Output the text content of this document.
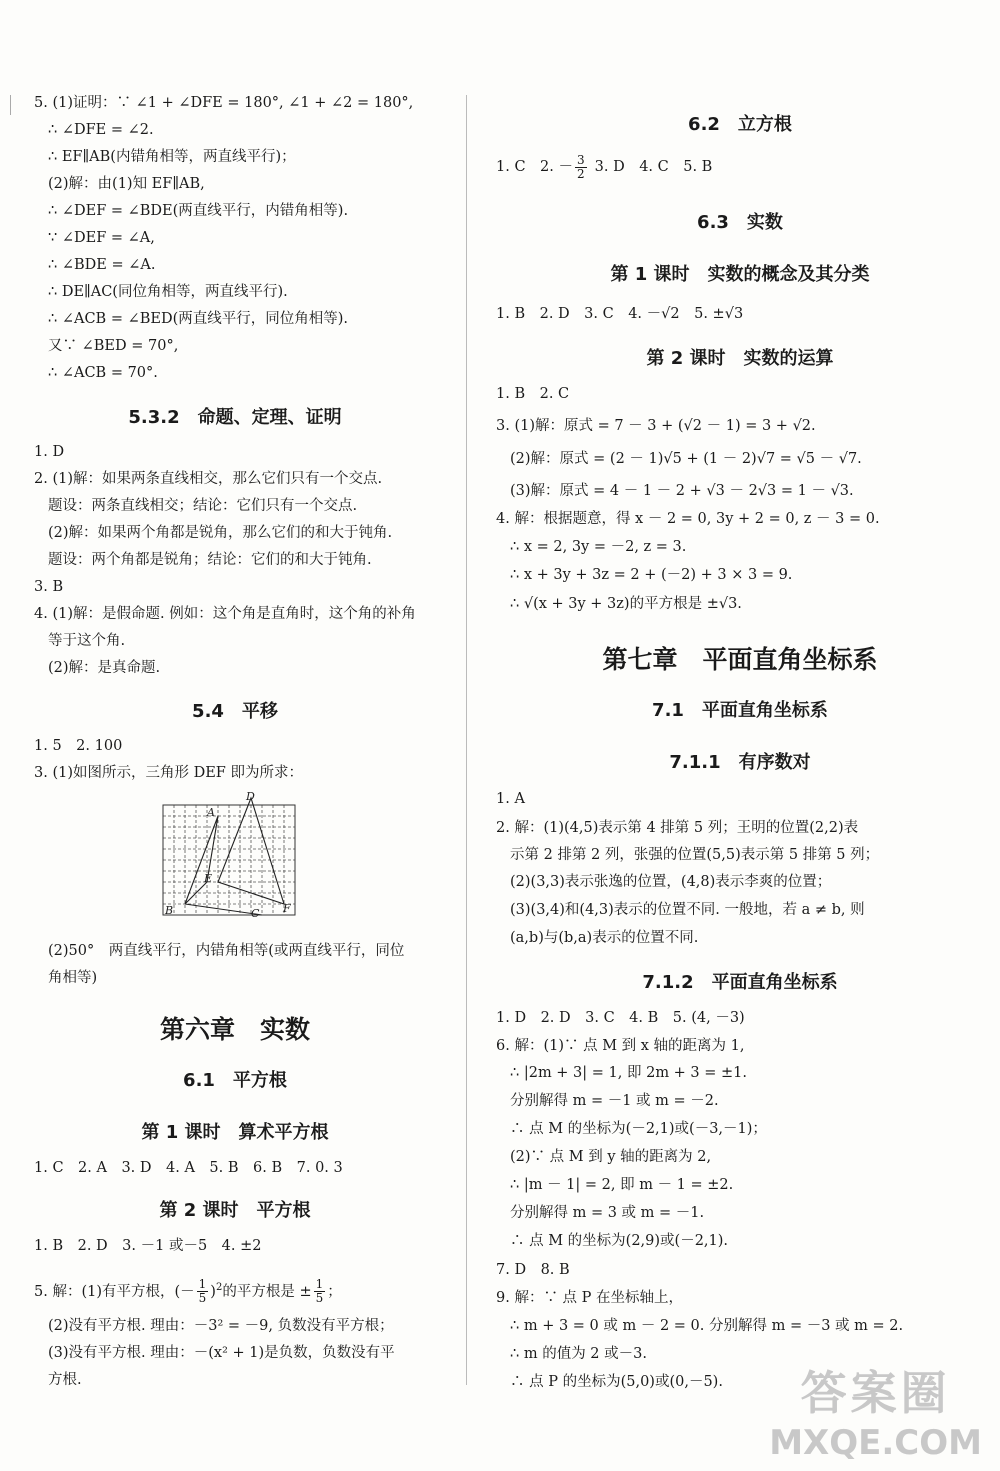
5. (1)证明：∵ ∠1 + ∠DFE = 180°, ∠1 + ∠2 = 180°,
∴ ∠DFE = ∠2.
∴ EF∥AB(内错角相等，两直线平行)；
(2)解：由(1)知 EF∥AB,
∴ ∠DEF = ∠BDE(两直线平行，内错角相等).
∵ ∠DEF = ∠A,
∴ ∠BDE = ∠A.
∴ DE∥AC(同位角相等，两直线平行).
∴ ∠ACB = ∠BED(两直线平行，同位角相等).
又∵ ∠BED = 70°,
∴ ∠ACB = 70°.
5.3.2　命题、定理、证明
1. D
2. (1)解：如果两条直线相交，那么它们只有一个交点.
题设：两条直线相交；结论：它们只有一个交点.
(2)解：如果两个角都是锐角，那么它们的和大于钝角.
题设：两个角都是锐角；结论：它们的和大于钝角.
3. B
4. (1)解：是假命题. 例如：这个角是直角时，这个角的补角
等于这个角.
(2)解：是真命题.
5.4　平移
1. 5　2. 100
3. (1)如图所示，三角形 DEF 即为所求：
A
B	C
D
E
F
(2)50°　两直线平行，内错角相等(或两直线平行，同位
角相等)
第六章　实数
6.1　平方根
第 1 课时　算术平方根
1. C　2. A　3. D　4. A　5. B　6. B　7. 0. 3
第 2 课时　平方根
1. B　2. D　3. －1 或－5　4. ±2
5. 解：(1)有平方根，(－ $\frac{1}{5} )^2$的平方根是 ± $\frac{1}{5}$ ；
(2)没有平方根. 理由：－3² = －9, 负数没有平方根；
(3)没有平方根. 理由：－(x² + 1)是负数，负数没有平
方根.
6.2　立方根
1. C　2. － $\frac{3}{2} 3$. D　4. C　5. B
6.3　实数
第 1 课时　实数的概念及其分类
1. B　2. D　3. C　4. －√2　5. ±√3
第 2 课时　实数的运算
1. B　2. C
3. (1)解：原式 = 7 － 3 + (√2 － 1) = 3 + √2.
(2)解：原式 = (2 － 1)√5 + (1 － 2)√7 = √5 － √7.
(3)解：原式 = 4 － 1 － 2 + √3 － 2√3 = 1 － √3.
4. 解：根据题意，得 x － 2 = 0, 3y + 2 = 0, z － 3 = 0.
∴ x = 2, 3y = －2, z = 3.
∴ x + 3y + 3z = 2 + (－2) + 3 × 3 = 9.
∴ √(x + 3y + 3z)的平方根是 ±√3.
第七章　平面直角坐标系
7.1　平面直角坐标系
7.1.1　有序数对
1. A
2. 解：(1)(4,5)表示第 4 排第 5 列；王明的位置(2,2)表
示第 2 排第 2 列，张强的位置(5,5)表示第 5 排第 5 列；
(2)(3,3)表示张逸的位置，(4,8)表示李爽的位置；
(3)(3,4)和(4,3)表示的位置不同. 一般地，若 a ≠ b, 则
(a,b)与(b,a)表示的位置不同.
7.1.2　平面直角坐标系
1. D　2. D　3. C　4. B　5. (4, －3)
6. 解：(1)∵ 点 M 到 x 轴的距离为 1,
∴ |2m + 3| = 1, 即 2m + 3 = ±1.
分别解得 m = －1 或 m = －2.
∴ 点 M 的坐标为(－2,1)或(－3,－1)；
(2)∵ 点 M 到 y 轴的距离为 2,
∴ |m － 1| = 2, 即 m － 1 = ±2.
分别解得 m = 3 或 m = －1.
∴ 点 M 的坐标为(2,9)或(－2,1).
7. D　8. B
9. 解：∵ 点 P 在坐标轴上，
∴ m + 3 = 0 或 m － 2 = 0. 分别解得 m = －3 或 m = 2.
∴ m 的值为 2 或－3.
∴ 点 P 的坐标为(5,0)或(0,－5).	答案圈
MXQE.COM
